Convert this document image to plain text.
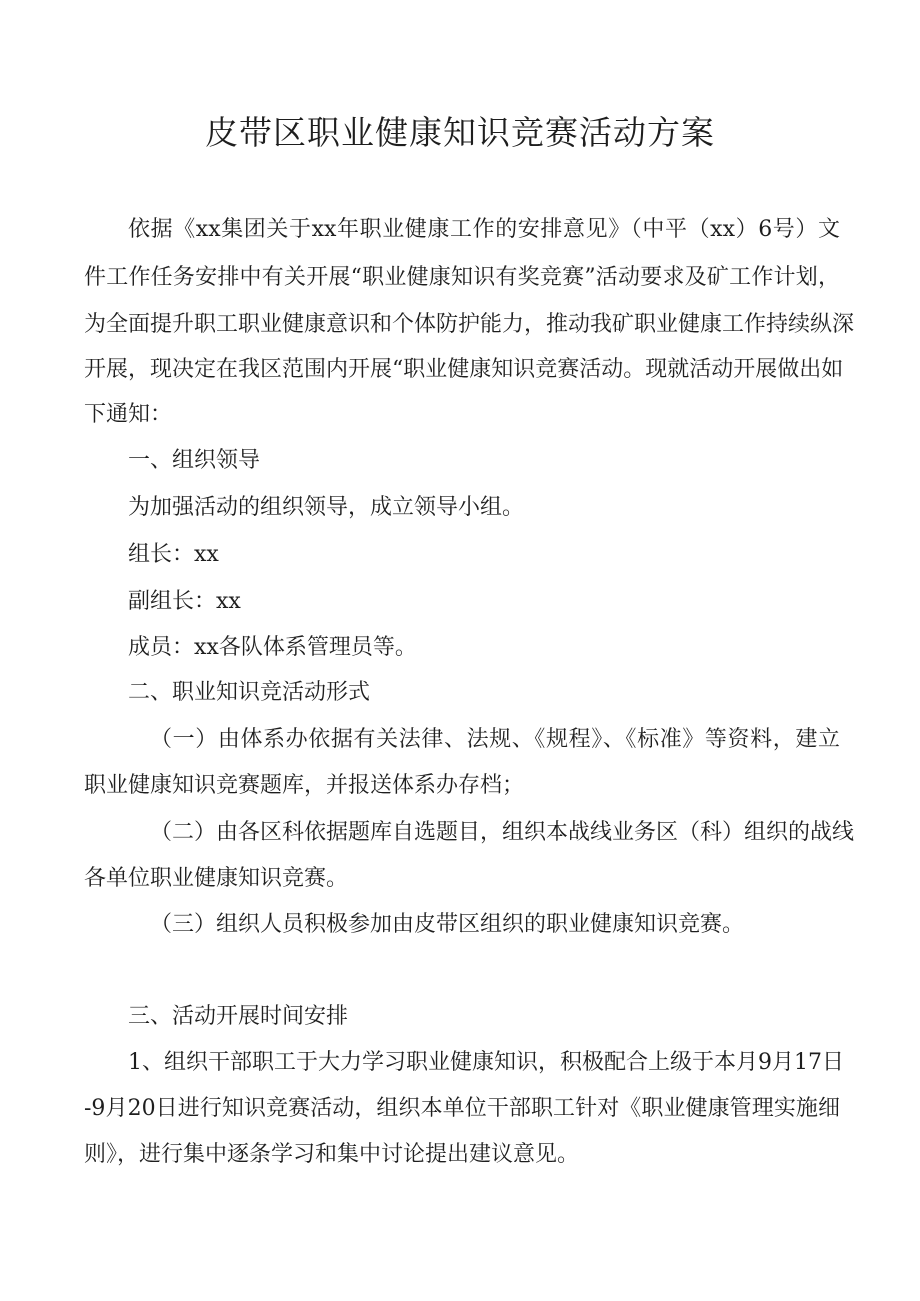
皮带区职业健康知识竞赛活动方案
依据《xx集团关于xx年职业健康工作的安排意见》（中平（xx）6号）文
件工作任务安排中有关开展“职业健康知识有奖竞赛”活动要求及矿工作计划，
为全面提升职工职业健康意识和个体防护能力，推动我矿职业健康工作持续纵深
开展，现决定在我区范围内开展“职业健康知识竞赛活动。现就活动开展做出如
下通知：
一、组织领导
为加强活动的组织领导，成立领导小组。
组长：xx
副组长：xx
成员：xx各队体系管理员等。
二、职业知识竞活动形式
（一）由体系办依据有关法律、法规、《规程》、《标准》等资料，建立
职业健康知识竞赛题库，并报送体系办存档；
（二）由各区科依据题库自选题目，组织本战线业务区（科）组织的战线
各单位职业健康知识竞赛。
（三）组织人员积极参加由皮带区组织的职业健康知识竞赛。
三、活动开展时间安排
1、组织干部职工于大力学习职业健康知识，积极配合上级于本月9月17日
-9月20日进行知识竞赛活动，组织本单位干部职工针对《职业健康管理实施细
则》，进行集中逐条学习和集中讨论提出建议意见。
